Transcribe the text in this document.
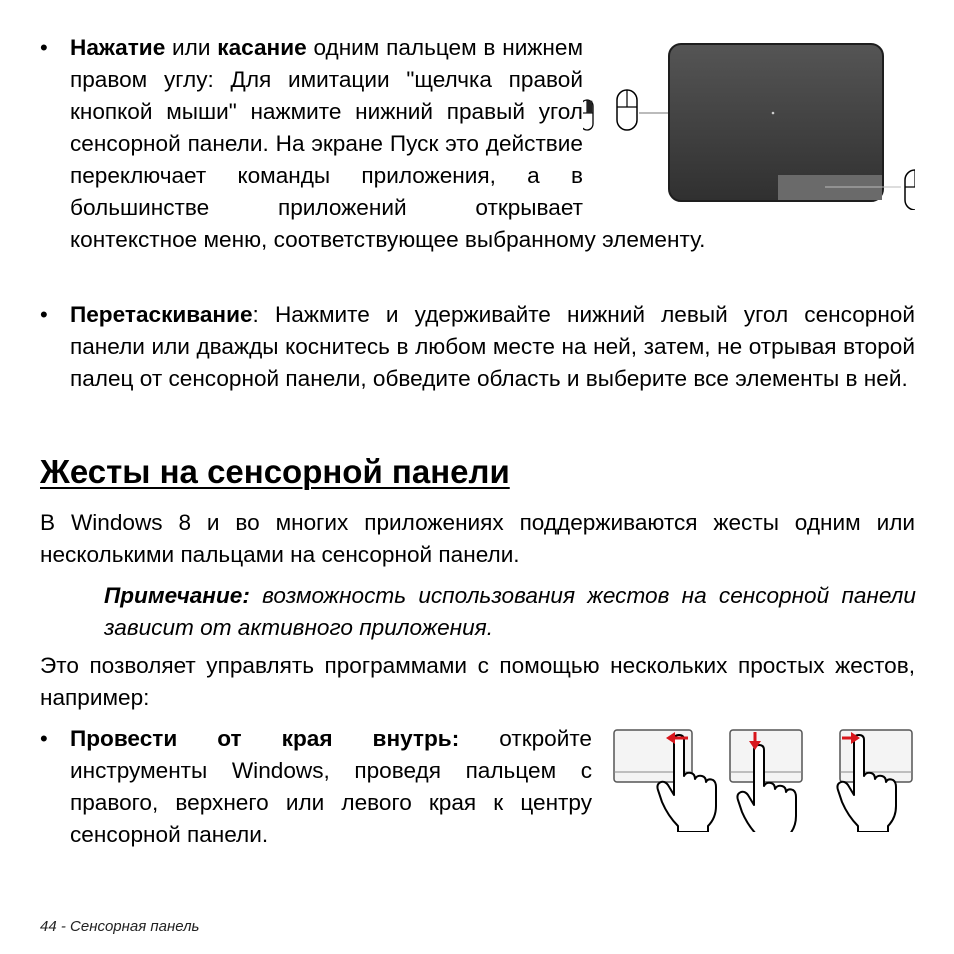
• Нажатие или касание одним пальцем в нижнем правом углу: Для имитации "щелчка правой кнопкой мыши" нажмите нижний правый угол сенсорной панели. На экране Пуск это действие переключает команды приложения, а в большинстве приложений открывает контекстное меню, соответствующее выбранному элементу.
• Перетаскивание: Нажмите и удерживайте нижний левый угол сенсорной панели или дважды коснитесь в любом месте на ней, затем, не отрывая второй палец от сенсорной панели, обведите область и выберите все элементы в ней.

Жесты на сенсорной панели

В Windows 8 и во многих приложениях поддерживаются жесты одним или несколькими пальцами на сенсорной панели.

Примечание: возможность использования жестов на сенсорной панели зависит от активного приложения.

Это позволяет управлять программами с помощью нескольких простых жестов, например:

• Провести от края внутрь: откройте инструменты Windows, проведя пальцем с правого, верхнего или левого края к центру сенсорной панели.

44 - Сенсорная панель
